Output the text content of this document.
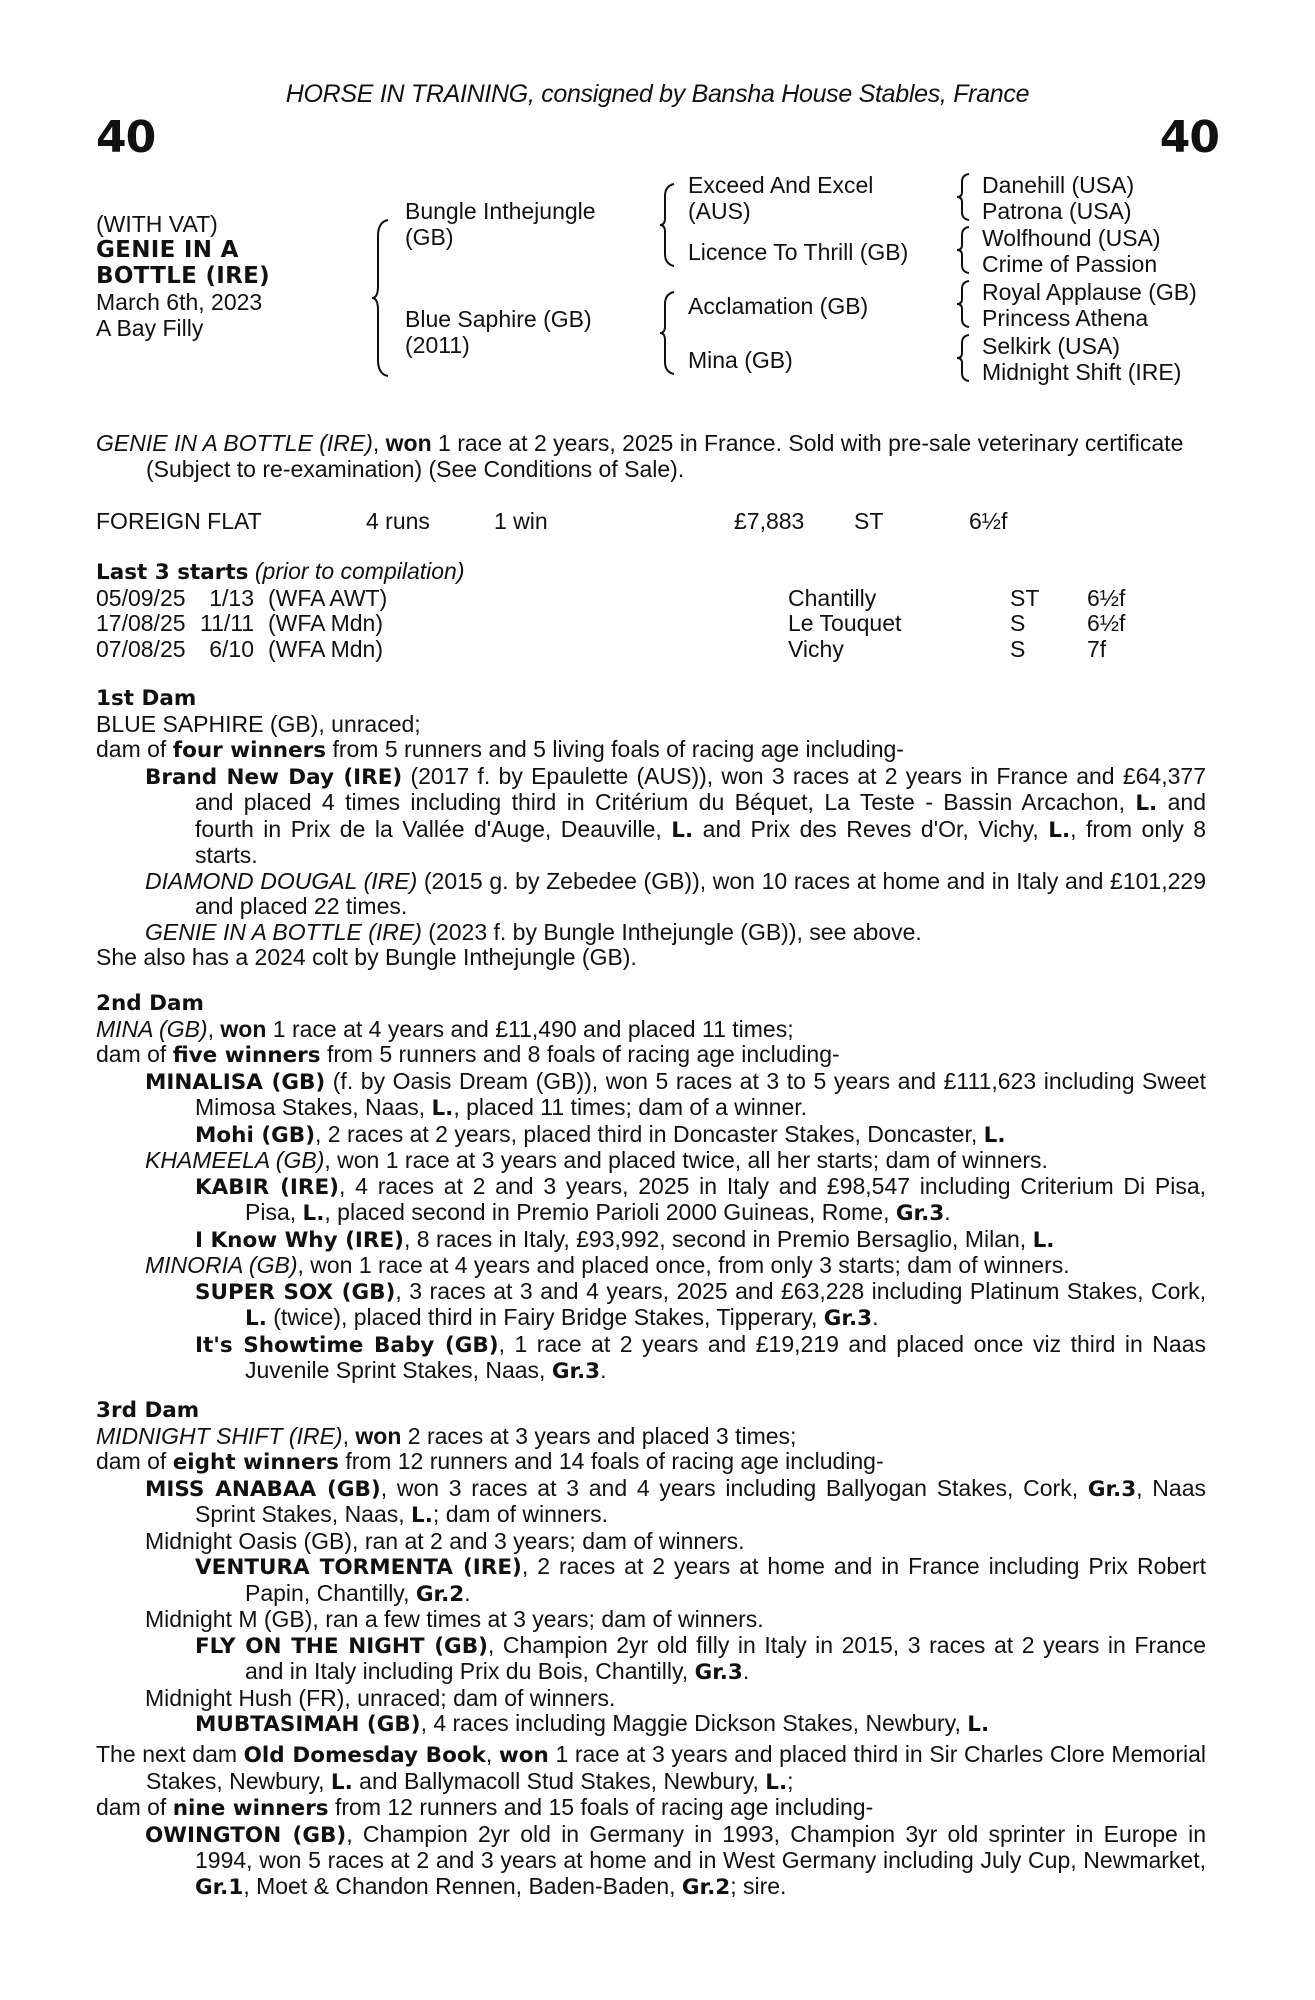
HORSE IN TRAINING, consigned by Bansha House Stables, France
40	40
(WITH VAT)
GENIE IN A
BOTTLE (IRE)
March 6th, 2023
A Bay Filly
Bungle Inthejungle
(GB)
Blue Saphire (GB)
(2011)
Exceed And Excel
(AUS)
Licence To Thrill (GB)
Acclamation (GB)
Mina (GB)
Danehill (USA)
Patrona (USA)
Wolfhound (USA)
Crime of Passion
Royal Applause (GB)
Princess Athena
Selkirk (USA)
Midnight Shift (IRE)

GENIE IN A BOTTLE (IRE), won 1 race at 2 years, 2025 in France. Sold with pre-sale veterinary certificate (Subject to re-examination) (See Conditions of Sale).

FOREIGN FLAT	4 runs	1 win	£7,883	ST	6½f
Last 3 starts (prior to compilation)
05/09/25	1/13 (WFA AWT)	Chantilly	ST	6½f
17/08/25 11/11 (WFA Mdn)	Le Touquet	S	6½f
07/08/25	6/10 (WFA Mdn)	Vichy	S	7f
1st Dam
BLUE SAPHIRE (GB), unraced;
dam of four winners from 5 runners and 5 living foals of racing age including-

Brand New Day (IRE) (2017 f. by Epaulette (AUS)), won 3 races at 2 years in France and £64,377 and placed 4 times including third in Critérium du Béquet, La Teste - Bassin Arcachon, L. and fourth in Prix de la Vallée d'Auge, Deauville, L. and Prix des Reves d'Or, Vichy, L., from only 8 starts.

DIAMOND DOUGAL (IRE) (2015 g. by Zebedee (GB)), won 10 races at home and in Italy and £101,229 and placed 22 times.

GENIE IN A BOTTLE (IRE) (2023 f. by Bungle Inthejungle (GB)), see above.

She also has a 2024 colt by Bungle Inthejungle (GB).
2nd Dam
MINA (GB), won 1 race at 4 years and £11,490 and placed 11 times;
dam of five winners from 5 runners and 8 foals of racing age including-

MINALISA (GB) (f. by Oasis Dream (GB)), won 5 races at 3 to 5 years and £111,623 including Sweet Mimosa Stakes, Naas, L., placed 11 times; dam of a winner.

Mohi (GB), 2 races at 2 years, placed third in Doncaster Stakes, Doncaster, L.

KHAMEELA (GB), won 1 race at 3 years and placed twice, all her starts; dam of winners.

KABIR (IRE), 4 races at 2 and 3 years, 2025 in Italy and £98,547 including Criterium Di Pisa, Pisa, L., placed second in Premio Parioli 2000 Guineas, Rome, Gr.3.

I Know Why (IRE), 8 races in Italy, £93,992, second in Premio Bersaglio, Milan, L.

MINORIA (GB), won 1 race at 4 years and placed once, from only 3 starts; dam of winners.

SUPER SOX (GB), 3 races at 3 and 4 years, 2025 and £63,228 including Platinum Stakes, Cork, L. (twice), placed third in Fairy Bridge Stakes, Tipperary, Gr.3.

It's Showtime Baby (GB), 1 race at 2 years and £19,219 and placed once viz third in Naas Juvenile Sprint Stakes, Naas, Gr.3.

3rd Dam
MIDNIGHT SHIFT (IRE), won 2 races at 3 years and placed 3 times;
dam of eight winners from 12 runners and 14 foals of racing age including-

MISS ANABAA (GB), won 3 races at 3 and 4 years including Ballyogan Stakes, Cork, Gr.3, Naas Sprint Stakes, Naas, L.; dam of winners.

Midnight Oasis (GB), ran at 2 and 3 years; dam of winners.

VENTURA TORMENTA (IRE), 2 races at 2 years at home and in France including Prix Robert Papin, Chantilly, Gr.2.

Midnight M (GB), ran a few times at 3 years; dam of winners.

FLY ON THE NIGHT (GB), Champion 2yr old filly in Italy in 2015, 3 races at 2 years in France and in Italy including Prix du Bois, Chantilly, Gr.3.

Midnight Hush (FR), unraced; dam of winners.

MUBTASIMAH (GB), 4 races including Maggie Dickson Stakes, Newbury, L.

The next dam Old Domesday Book, won 1 race at 3 years and placed third in Sir Charles Clore Memorial Stakes, Newbury, L. and Ballymacoll Stud Stakes, Newbury, L.;

dam of nine winners from 12 runners and 15 foals of racing age including-

OWINGTON (GB), Champion 2yr old in Germany in 1993, Champion 3yr old sprinter in Europe in 1994, won 5 races at 2 and 3 years at home and in West Germany including July Cup, Newmarket, Gr.1, Moet & Chandon Rennen, Baden-Baden, Gr.2; sire.
